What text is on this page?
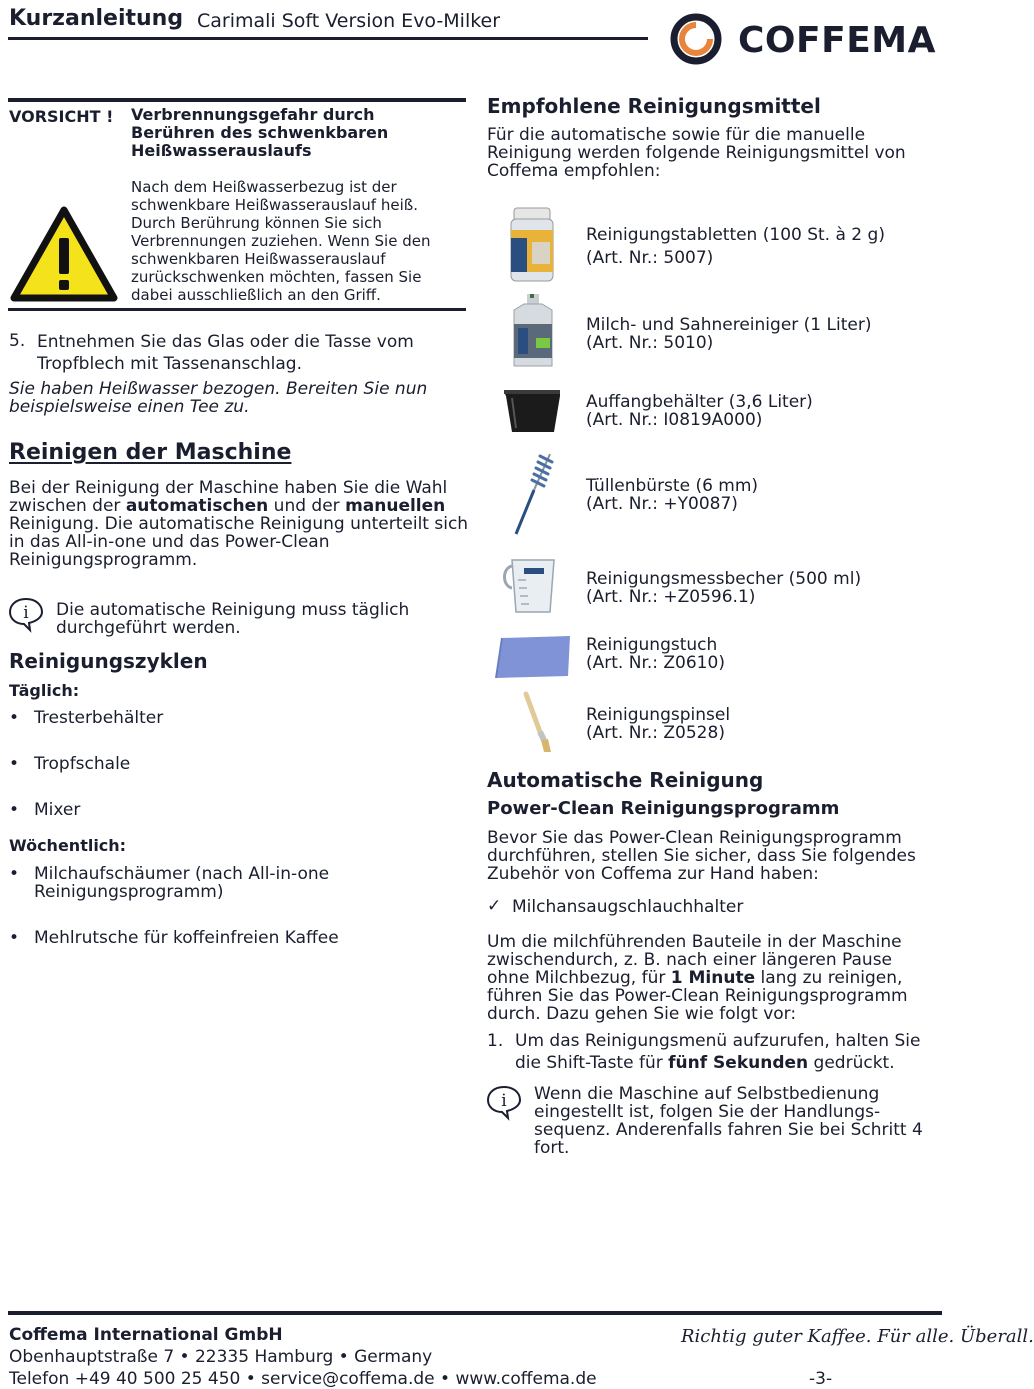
Kurzanleitung Carimali Soft Version Evo-Milker	COFFEMA
VORSICHT ! Verbrennungsgefahr durch Berühren des schwenkbaren Heißwasserauslaufs
Nach dem Heißwasserbezug ist der schwenkbare Heißwasserauslauf heiß. Durch Berührung können Sie sich Verbrennungen zuziehen. Wenn Sie den schwenkbaren Heißwasserauslauf zurückschwenken möchten, fassen Sie dabei ausschließlich an den Griff.
5. Entnehmen Sie das Glas oder die Tasse vom Tropfblech mit Tassenanschlag.
Sie haben Heißwasser bezogen. Bereiten Sie nun beispielsweise einen Tee zu.
Reinigen der Maschine
Bei der Reinigung der Maschine haben Sie die Wahl zwischen der automatischen und der manuellen Reinigung. Die automatische Reinigung unterteilt sich in das All-in-one und das Power-Clean Reinigungsprogramm.
i Die automatische Reinigung muss täglich durchgeführt werden.
Reinigungszyklen
Täglich:
• Tresterbehälter
• Tropfschale
• Mixer
Wöchentlich:
• Milchaufschäumer (nach All-in-one Reinigungsprogramm)
• Mehlrutsche für koffeinfreien Kaffee
Empfohlene Reinigungsmittel
Für die automatische sowie für die manuelle Reinigung werden folgende Reinigungsmittel von Coffema empfohlen:
Reinigungstabletten (100 St. à 2 g)
(Art. Nr.: 5007)
Milch- und Sahnereiniger (1 Liter)
(Art. Nr.: 5010)
Auffangbehälter (3,6 Liter)
(Art. Nr.: I0819A000)
Tüllenbürste (6 mm)
(Art. Nr.: +Y0087)
Reinigungsmessbecher (500 ml)
(Art. Nr.: +Z0596.1)
Reinigungstuch
(Art. Nr.: Z0610)
Reinigungspinsel
(Art. Nr.: Z0528)
Automatische Reinigung
Power-Clean Reinigungsprogramm
Bevor Sie das Power-Clean Reinigungsprogramm durchführen, stellen Sie sicher, dass Sie folgendes Zubehör von Coffema zur Hand haben:
✓ Milchansaugschlauchhalter
Um die milchführenden Bauteile in der Maschine zwischendurch, z. B. nach einer längeren Pause ohne Milchbezug, für 1 Minute lang zu reinigen, führen Sie das Power-Clean Reinigungsprogramm durch. Dazu gehen Sie wie folgt vor:
1. Um das Reinigungsmenü aufzurufen, halten Sie die Shift-Taste für fünf Sekunden gedrückt.
i Wenn die Maschine auf Selbstbedienung eingestellt ist, folgen Sie der Handlungs-sequenz. Anderenfalls fahren Sie bei Schritt 4 fort.
Coffema International GmbH
Obenhauptstraße 7 • 22335 Hamburg • Germany
Telefon +49 40 500 25 450 • service@coffema.de • www.coffema.de
Richtig guter Kaffee. Für alle. Überall.
-3-
